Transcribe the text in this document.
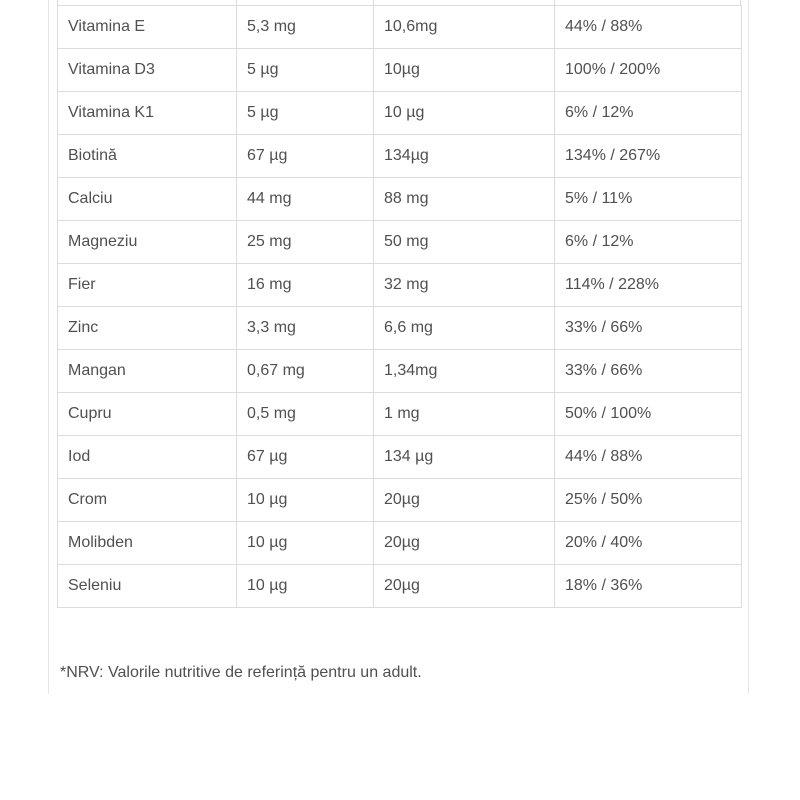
Vitamina E	5,3 mg	10,6mg	44% / 88%
Vitamina D3	5 µg	10µg	100% / 200%
Vitamina K1	5 µg	10 µg	6% / 12%
Biotină	67 µg	134µg	134% / 267%
Calciu	44 mg	88 mg	5% / 11%
Magneziu	25 mg	50 mg	6% / 12%
Fier	16 mg	32 mg	114% / 228%
Zinc	3,3 mg	6,6 mg	33% / 66%
Mangan	0,67 mg	1,34mg	33% / 66%
Cupru	0,5 mg	1 mg	50% / 100%
Iod	67 µg	134 µg	44% / 88%
Crom	10 µg	20µg	25% / 50%
Molibden	10 µg	20µg	20% / 40%
Seleniu	10 µg	20µg	18% / 36%
*NRV: Valorile nutritive de referință pentru un adult.
